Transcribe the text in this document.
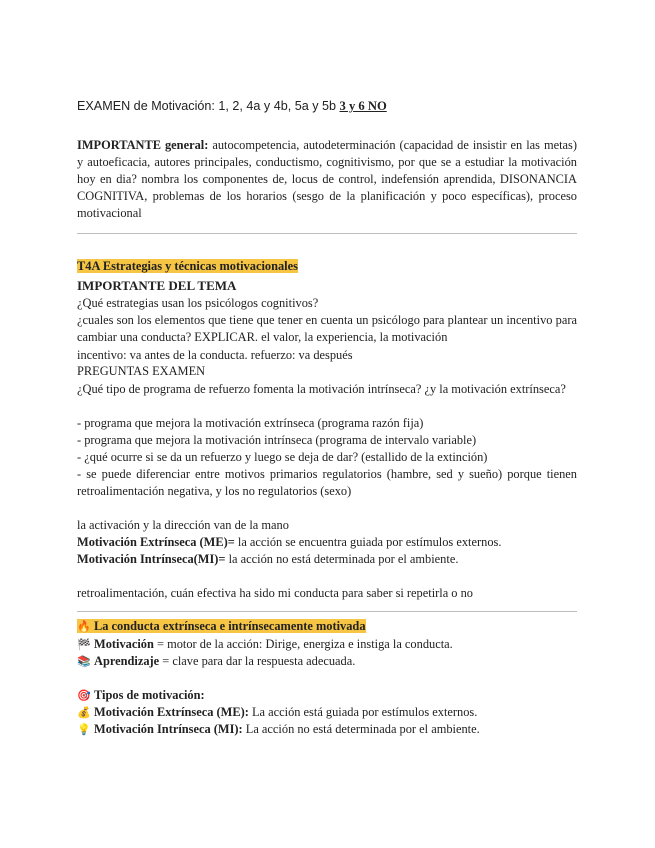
EXAMEN de Motivación: 1, 2, 4a y 4b, 5a y 5b 3 y 6 NO
IMPORTANTE general: autocompetencia, autodeterminación (capacidad de insistir en las metas) y autoeficacia, autores principales, conductismo, cognitivismo, por que se a estudiar la motivación hoy en dia? nombra los componentes de, locus de control, indefensión aprendida, DISONANCIA COGNITIVA, problemas de los horarios (sesgo de la planificación y poco específicas), proceso motivacional
T4A Estrategias y técnicas motivacionales
IMPORTANTE DEL TEMA
¿Qué estrategias usan los psicólogos cognitivos?
¿cuales son los elementos que tiene que tener en cuenta un psicólogo para plantear un incentivo para cambiar una conducta? EXPLICAR. el valor, la experiencia, la motivación
incentivo: va antes de la conducta. refuerzo: va después
PREGUNTAS EXAMEN
¿Qué tipo de programa de refuerzo fomenta la motivación intrínseca? ¿y la motivación extrínseca?
- programa que mejora la motivación extrínseca (programa razón fija)
- programa que mejora la motivación intrínseca (programa de intervalo variable)
- ¿qué ocurre si se da un refuerzo y luego se deja de dar? (estallido de la extinción)
- se puede diferenciar entre motivos primarios regulatorios (hambre, sed y sueño) porque tienen retroalimentación negativa, y los no regulatorios (sexo)
la activación y la dirección van de la mano
Motivación Extrínseca (ME)= la acción se encuentra guiada por estímulos externos.
Motivación Intrínseca(MI)= la acción no está determinada por el ambiente.
retroalimentación, cuán efectiva ha sido mi conducta para saber si repetirla o no
🔥 La conducta extrínseca e intrínsecamente motivada
🏁 Motivación = motor de la acción: Dirige, energiza e instiga la conducta.
📚 Aprendizaje = clave para dar la respuesta adecuada.
🎯 Tipos de motivación:
💰 Motivación Extrínseca (ME): La acción está guiada por estímulos externos.
💡 Motivación Intrínseca (MI): La acción no está determinada por el ambiente.
